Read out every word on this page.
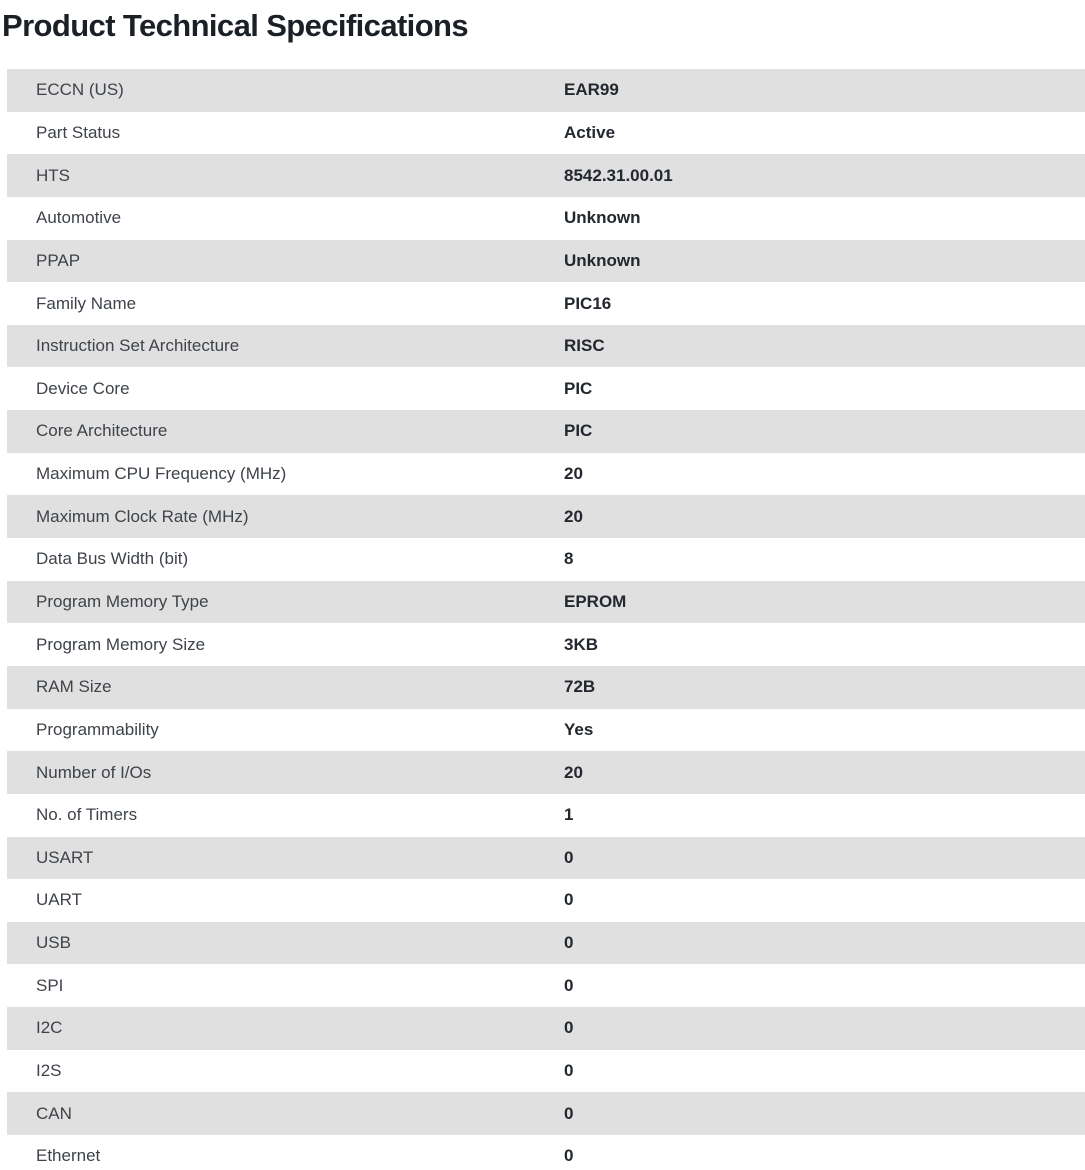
Product Technical Specifications
ECCN (US)	EAR99
Part Status	Active
HTS	8542.31.00.01
Automotive	Unknown
PPAP	Unknown
Family Name	PIC16
Instruction Set Architecture	RISC
Device Core	PIC
Core Architecture	PIC
Maximum CPU Frequency (MHz)	20
Maximum Clock Rate (MHz)	20
Data Bus Width (bit)	8
Program Memory Type	EPROM
Program Memory Size	3KB
RAM Size	72B
Programmability	Yes
Number of I/Os	20
No. of Timers	1
USART	0
UART	0
USB	0
SPI	0
I2C	0
I2S	0
CAN	0
Ethernet	0
